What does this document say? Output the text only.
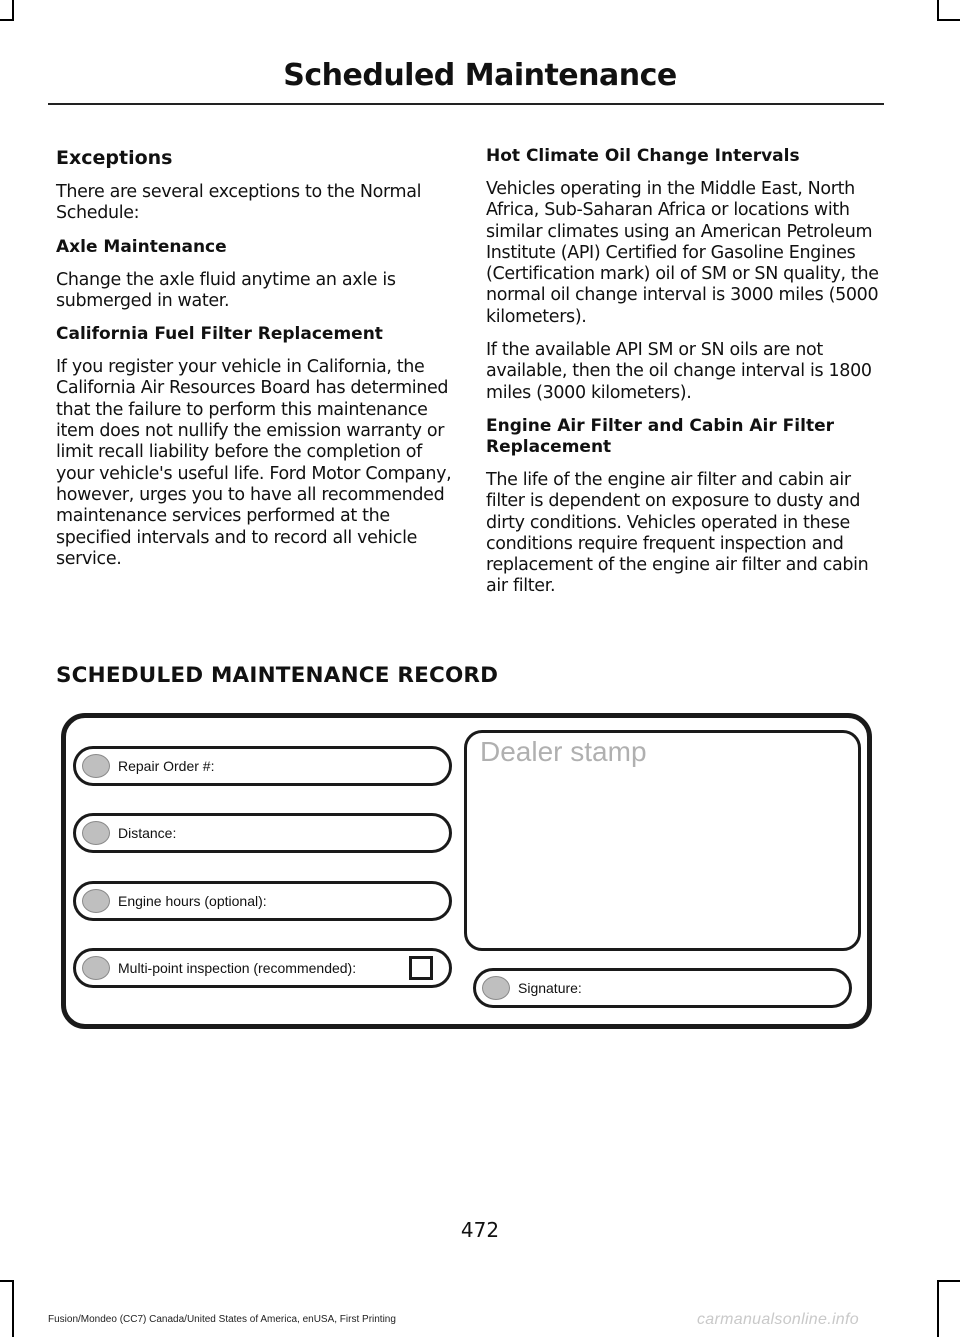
Scheduled Maintenance
Exceptions
There are several exceptions to the Normal Schedule:
Axle Maintenance
Change the axle fluid anytime an axle is submerged in water.
California Fuel Filter Replacement
If you register your vehicle in California, the California Air Resources Board has determined that the failure to perform this maintenance item does not nullify the emission warranty or limit recall liability before the completion of your vehicle's useful life. Ford Motor Company, however, urges you to have all recommended maintenance services performed at the specified intervals and to record all vehicle service.
Hot Climate Oil Change Intervals
Vehicles operating in the Middle East, North Africa, Sub-Saharan Africa or locations with similar climates using an American Petroleum Institute (API) Certified for Gasoline Engines (Certification mark) oil of SM or SN quality, the normal oil change interval is 3000 miles (5000 kilometers).
If the available API SM or SN oils are not available, then the oil change interval is 1800 miles (3000 kilometers).
Engine Air Filter and Cabin Air Filter Replacement
The life of the engine air filter and cabin air filter is dependent on exposure to dusty and dirty conditions. Vehicles operated in these conditions require frequent inspection and replacement of the engine air filter and cabin air filter.
SCHEDULED MAINTENANCE RECORD
Repair Order #:
Distance:
Engine hours (optional):
Multi-point inspection (recommended):
Dealer stamp
Signature:
472
Fusion/Mondeo (CC7) Canada/United States of America, enUSA, First Printing	carmanualsonline.info
